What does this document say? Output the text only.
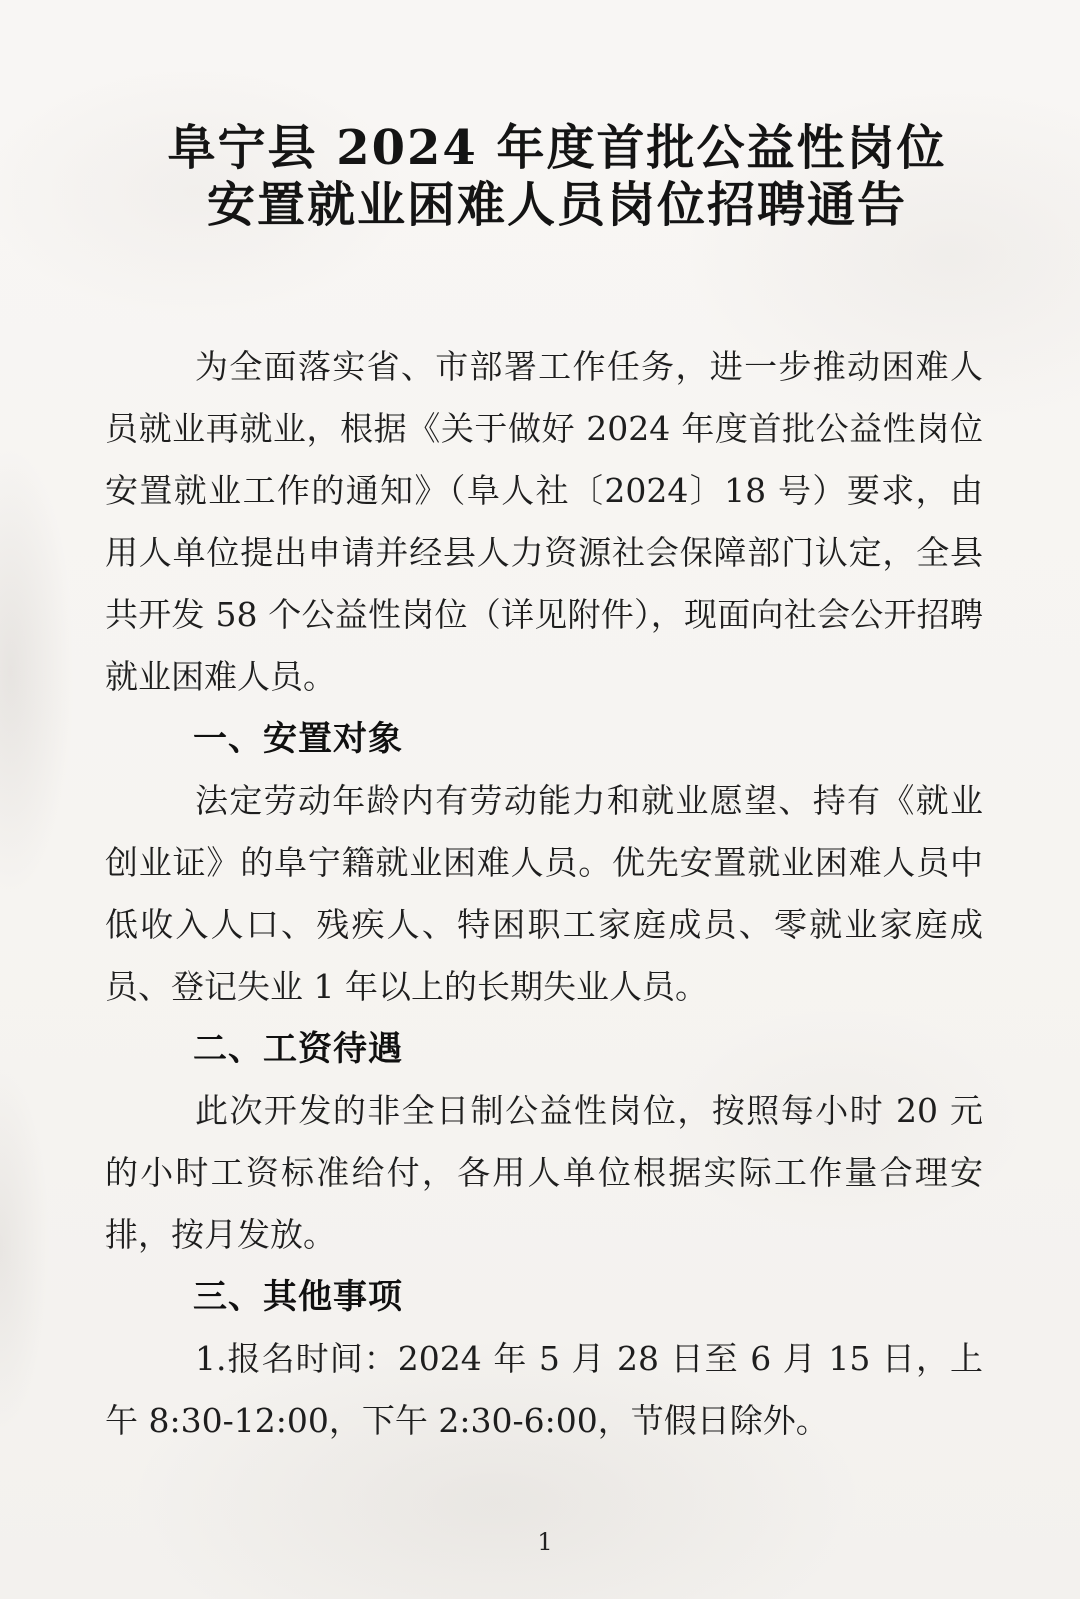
阜宁县 2024 年度首批公益性岗位
安置就业困难人员岗位招聘通告

为全面落实省、市部署工作任务，进一步推动困难人员就业再就业，根据《关于做好 2024 年度首批公益性岗位安置就业工作的通知》（阜人社〔2024〕18 号）要求，由用人单位提出申请并经县人力资源社会保障部门认定，全县共开发 58 个公益性岗位（详见附件），现面向社会公开招聘就业困难人员。

一、安置对象

法定劳动年龄内有劳动能力和就业愿望、持有《就业创业证》的阜宁籍就业困难人员。优先安置就业困难人员中低收入人口、残疾人、特困职工家庭成员、零就业家庭成员、登记失业 1 年以上的长期失业人员。

二、工资待遇

此次开发的非全日制公益性岗位，按照每小时 20 元的小时工资标准给付，各用人单位根据实际工作量合理安排，按月发放。

三、其他事项

1.报名时间：2024 年 5 月 28 日至 6 月 15 日，上午 8:30-12:00，下午 2:30-6:00，节假日除外。

1
